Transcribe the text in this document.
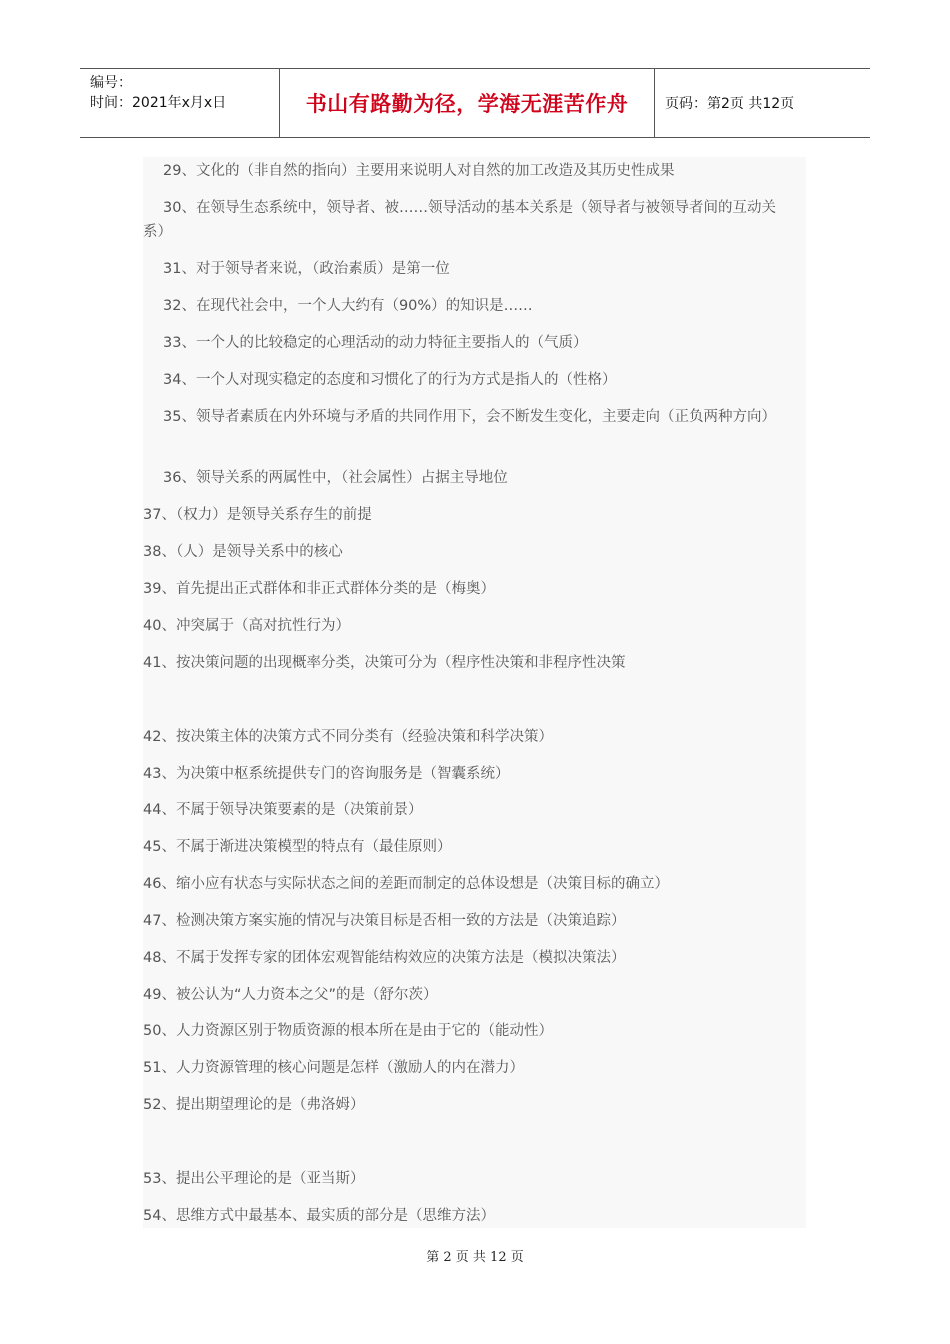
编号：
时间：2021年x月x日	书山有路勤为径，学海无涯苦作舟	页码：第2页 共12页
29、文化的（非自然的指向）主要用来说明人对自然的加工改造及其历史性成果
30、在领导生态系统中，领导者、被……领导活动的基本关系是（领导者与被领导者间的互动关系）
31、对于领导者来说，（政治素质）是第一位
32、在现代社会中，一个人大约有（90%）的知识是……
33、一个人的比较稳定的心理活动的动力特征主要指人的（气质）
34、一个人对现实稳定的态度和习惯化了的行为方式是指人的（性格）
35、领导者素质在内外环境与矛盾的共同作用下，会不断发生变化，主要走向（正负两种方向）
36、领导关系的两属性中，（社会属性）占据主导地位
37、（权力）是领导关系存生的前提
38、（人）是领导关系中的核心
39、首先提出正式群体和非正式群体分类的是（梅奥）
40、冲突属于（高对抗性行为）
41、按决策问题的出现概率分类，决策可分为（程序性决策和非程序性决策
42、按决策主体的决策方式不同分类有（经验决策和科学决策）
43、为决策中枢系统提供专门的咨询服务是（智囊系统）
44、不属于领导决策要素的是（决策前景）
45、不属于渐进决策模型的特点有（最佳原则）
46、缩小应有状态与实际状态之间的差距而制定的总体设想是（决策目标的确立）
47、检测决策方案实施的情况与决策目标是否相一致的方法是（决策追踪）
48、不属于发挥专家的团体宏观智能结构效应的决策方法是（模拟决策法）
49、被公认为“人力资本之父”的是（舒尔茨）
50、人力资源区别于物质资源的根本所在是由于它的（能动性）
51、人力资源管理的核心问题是怎样（激励人的内在潜力）
52、提出期望理论的是（弗洛姆）
53、提出公平理论的是（亚当斯）
54、思维方式中最基本、最实质的部分是（思维方法）
第 2 页 共 12 页
